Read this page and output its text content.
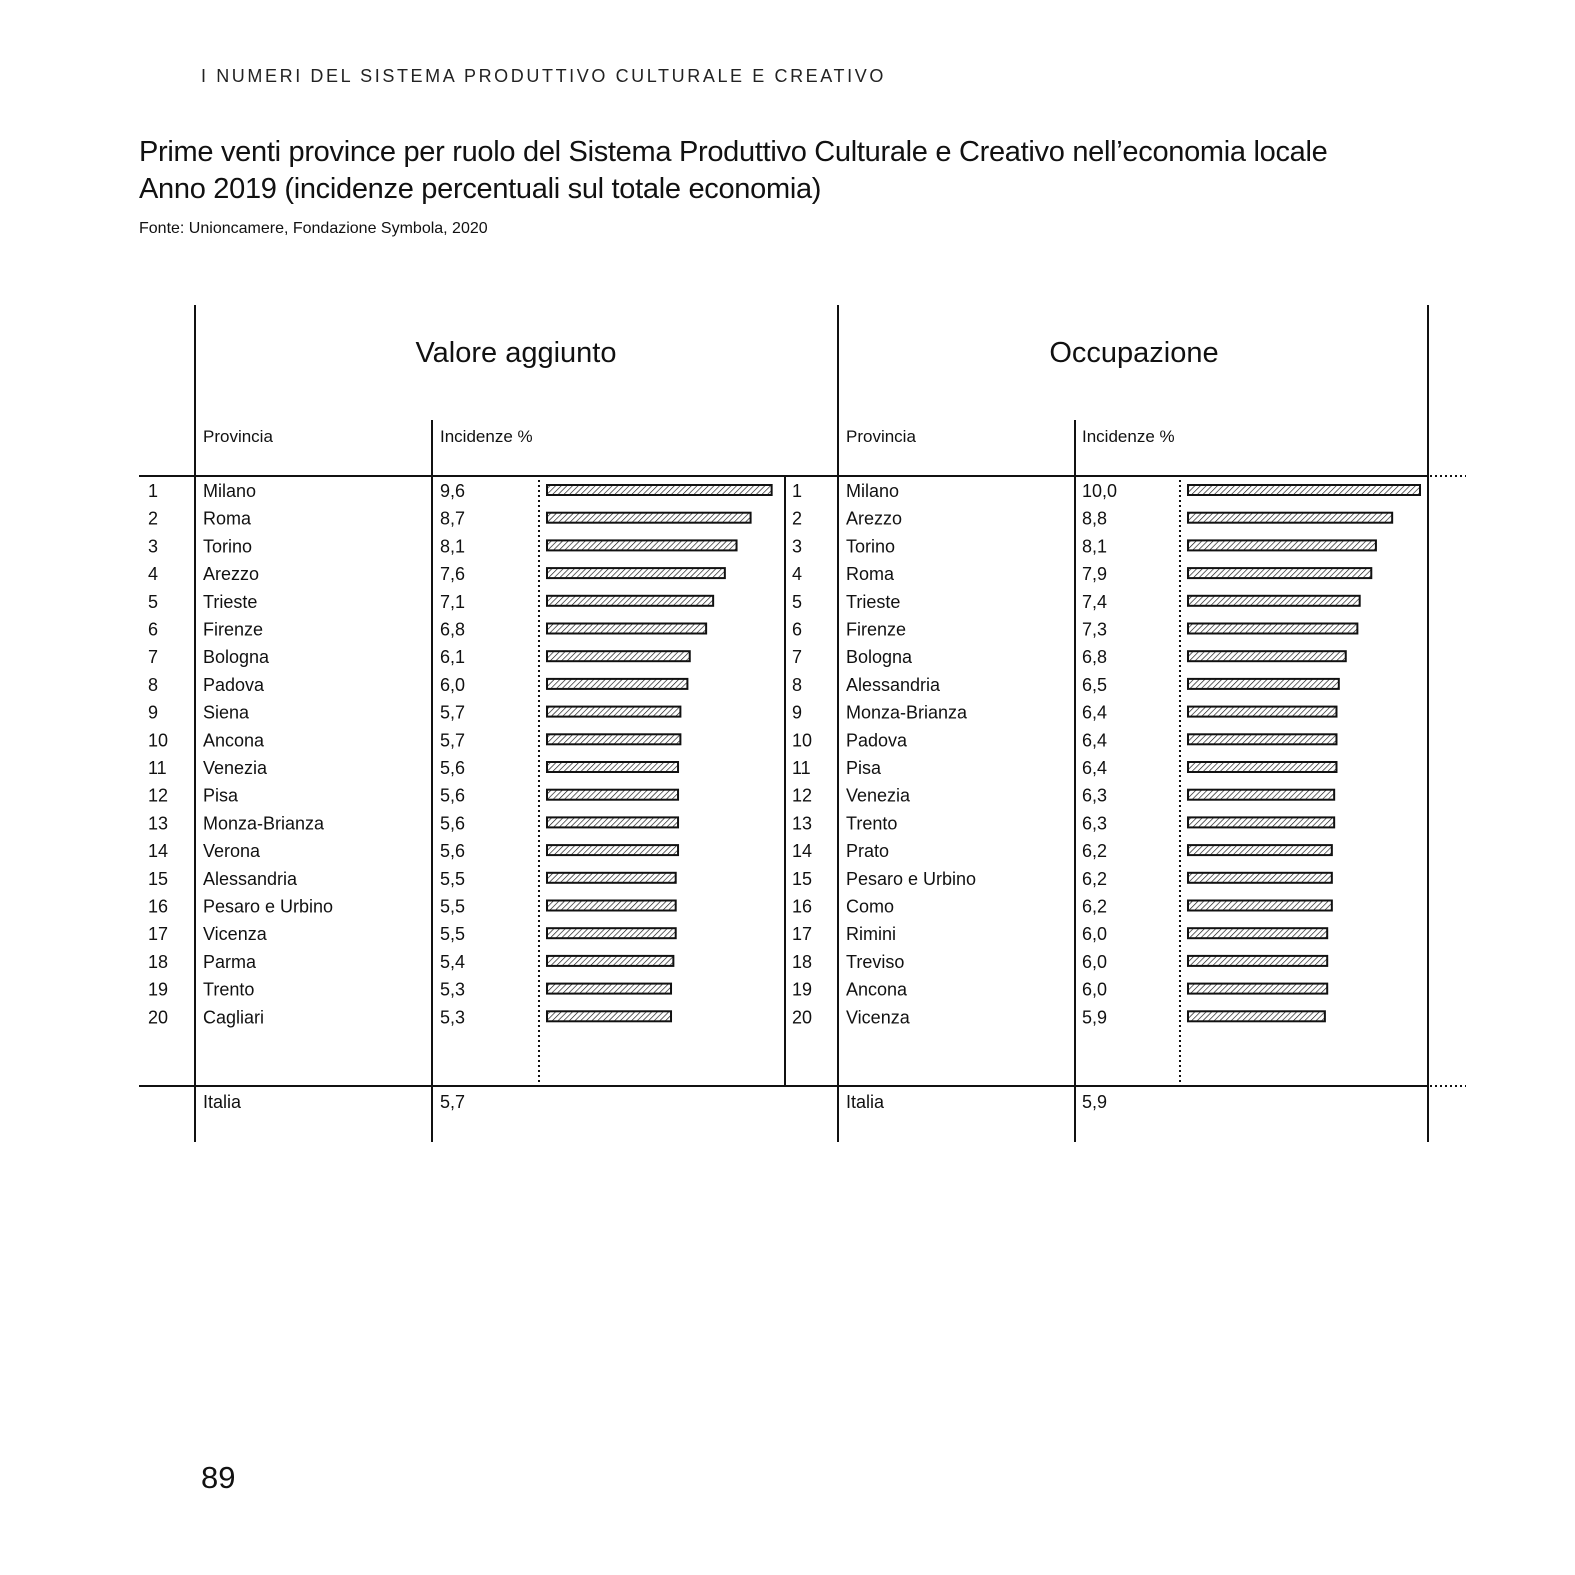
I NUMERI DEL SISTEMA PRODUTTIVO CULTURALE E CREATIVO
Prime venti province per ruolo del Sistema Produttivo Culturale e Creativo nell’economia locale
Anno 2019 (incidenze percentuali sul totale economia)
Fonte: Unioncamere, Fondazione Symbola, 2020
Valore aggiunto
Provincia	Incidenze %
Occupazione
Provincia	Incidenze %
1 Milano	9,6
2 Roma	8,7
3 Torino	8,1
4 Arezzo	7,6
5 Trieste	7,1
6 Firenze	6,8
7 Bologna	6,1
8 Padova	6,0
9 Siena	5,7
10 Ancona	5,7
11 Venezia	5,6
12 Pisa	5,6
13 Monza-Brianza	5,6
14 Verona	5,6
15 Alessandria	5,5
16 Pesaro e Urbino	5,5
17 Vicenza	5,5
18 Parma	5,4
19 Trento	5,3
20 Cagliari	5,3
1 Milano	10,0
2 Arezzo	8,8
3 Torino	8,1
4 Roma	7,9
5 Trieste	7,4
6 Firenze	7,3
7 Bologna	6,8
8 Alessandria	6,5
9 Monza-Brianza	6,4
10 Padova	6,4
11 Pisa	6,4
12 Venezia	6,3
13 Trento	6,3
14 Prato	6,2
15 Pesaro e Urbino	6,2
16 Como	6,2
17 Rimini	6,0
18 Treviso	6,0
19 Ancona	6,0
20 Vicenza	5,9
Italia	5,7	Italia	5,9
89
